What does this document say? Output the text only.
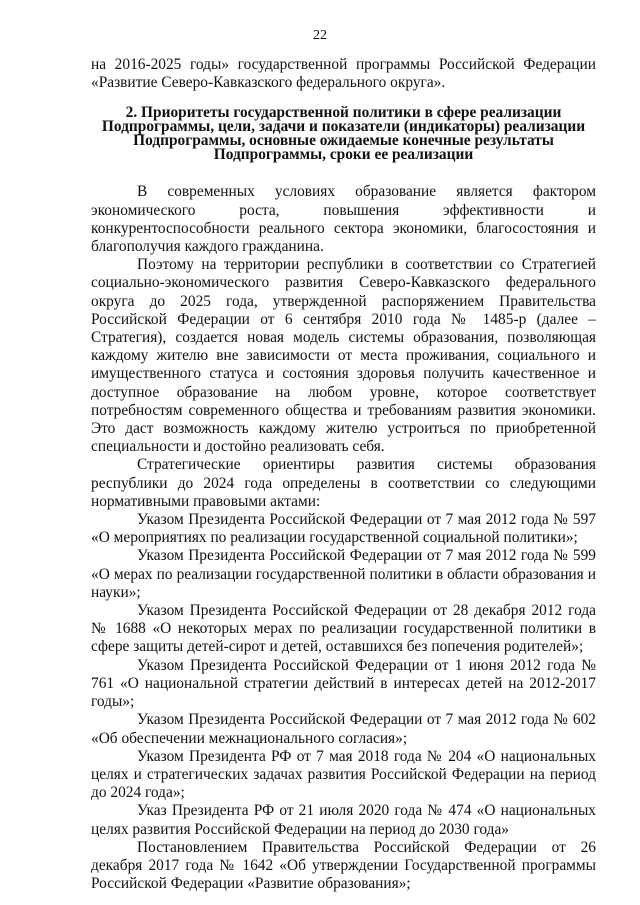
22

на 2016-2025 годы» государственной программы Российской Федерации «Развитие Северо-Кавказского федерального округа».

2. Приоритеты государственной политики в сфере реализации
Подпрограммы, цели, задачи и показатели (индикаторы) реализации
Подпрограммы, основные ожидаемые конечные результаты
Подпрограммы, сроки ее реализации

В современных условиях образование является фактором экономического роста, повышения эффективности и конкурентоспособности реального сектора экономики, благосостояния и благополучия каждого гражданина.

Поэтому на территории республики в соответствии со Стратегией социально-экономического развития Северо-Кавказского федерального округа до 2025 года, утвержденной распоряжением Правительства Российской Федерации от 6 сентября 2010 года № 1485-р (далее – Стратегия), создается новая модель системы образования, позволяющая каждому жителю вне зависимости от места проживания, социального и имущественного статуса и состояния здоровья получить качественное и доступное образование на любом уровне, которое соответствует потребностям современного общества и требованиям развития экономики. Это даст возможность каждому жителю устроиться по приобретенной специальности и достойно реализовать себя.

Стратегические ориентиры развития системы образования республики до 2024 года определены в соответствии со следующими нормативными правовыми актами:

Указом Президента Российской Федерации от 7 мая 2012 года № 597 «О мероприятиях по реализации государственной социальной политики»;

Указом Президента Российской Федерации от 7 мая 2012 года № 599 «О мерах по реализации государственной политики в области образования и науки»;

Указом Президента Российской Федерации от 28 декабря 2012 года № 1688 «О некоторых мерах по реализации государственной политики в сфере защиты детей-сирот и детей, оставшихся без попечения родителей»;

Указом Президента Российской Федерации от 1 июня 2012 года № 761 «О национальной стратегии действий в интересах детей на 2012-2017 годы»;

Указом Президента Российской Федерации от 7 мая 2012 года № 602 «Об обеспечении межнационального согласия»;

Указом Президента РФ от 7 мая 2018 года № 204 «О национальных целях и стратегических задачах развития Российской Федерации на период до 2024 года»;

Указ Президента РФ от 21 июля 2020 года № 474 «О национальных целях развития Российской Федерации на период до 2030 года»

Постановлением Правительства Российской Федерации от 26 декабря 2017 года № 1642 «Об утверждении Государственной программы Российской Федерации «Развитие образования»;
